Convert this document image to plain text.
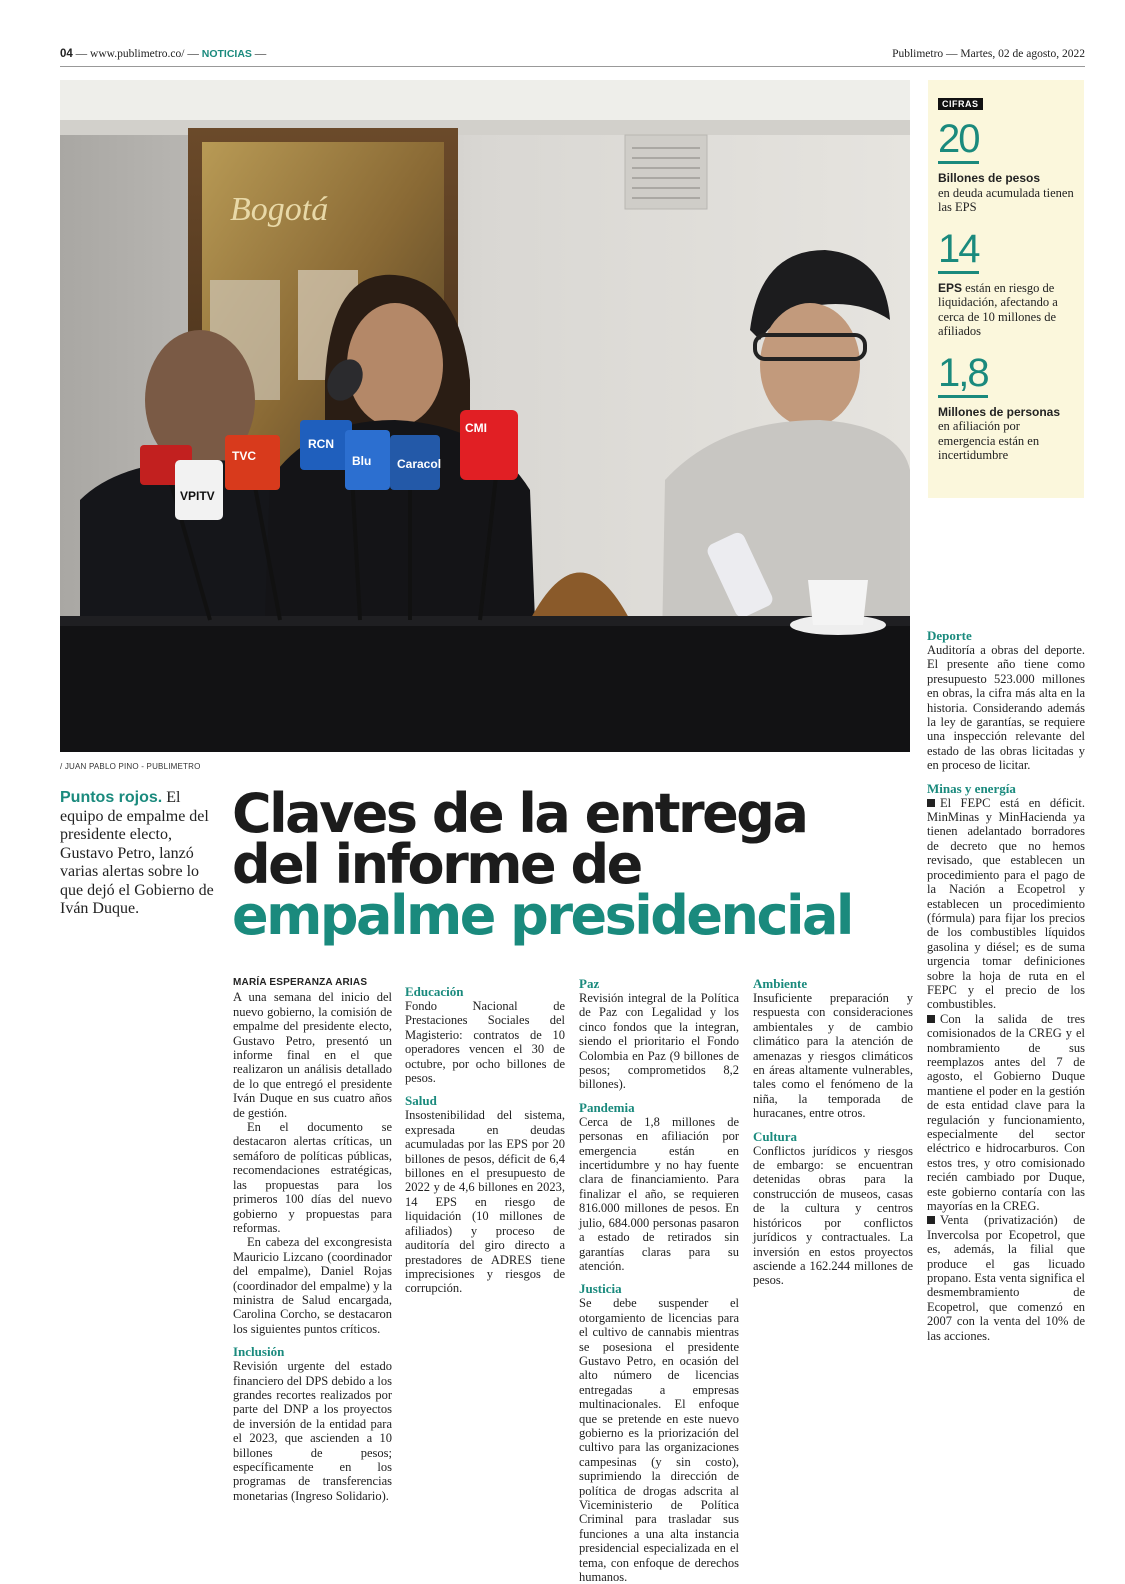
04 — www.publimetro.co/ — NOTICIAS —	Publimetro — Martes, 02 de agosto, 2022
Bogotá
CMI
TVC
VPITV
Blu Caracol
RCN
/ JUAN PABLO PINO - PUBLIMETRO
CIFRAS
20
Billones de pesos
en deuda acumulada tienen las EPS
14
EPS están en riesgo de liquidación, afectando a cerca de 10 millones de afiliados
1,8
Millones de personas
en afiliación por emergencia están en incertidumbre
Puntos rojos. El equipo de empalme del presidente electo, Gustavo Petro, lanzó varias alertas sobre lo que dejó el Gobierno de Iván Duque.
Claves de la entrega
del informe de
empalme presidencial

MARÍA ESPERANZA ARIAS

A una semana del inicio del nuevo gobierno, la comisión de empalme del presidente electo, Gustavo Petro, presentó un informe final en el que realizaron un análisis detallado de lo que entregó el presidente Iván Duque en sus cuatro años de gestión.

En el documento se destacaron alertas críticas, un semáforo de políticas públicas, recomendaciones estratégicas, las propuestas para los primeros 100 días del nuevo gobierno y propuestas para reformas.

En cabeza del excongresista Mauricio Lizcano (coordinador del empalme), Daniel Rojas (coordinador del empalme) y la ministra de Salud encargada, Carolina Corcho, se destacaron los siguientes puntos críticos.

Inclusión

Revisión urgente del estado financiero del DPS debido a los grandes recortes realizados por parte del DNP a los proyectos de inversión de la entidad para el 2023, que ascienden a 10 billones de pesos; específicamente en los programas de transferencias monetarias (Ingreso Solidario).

Educación

Fondo Nacional de Prestaciones Sociales del Magisterio: contratos de 10 operadores vencen el 30 de octubre, por ocho billones de pesos.

Salud

Insostenibilidad del sistema, expresada en deudas acumuladas por las EPS por 20 billones de pesos, déficit de 6,4 billones en el presupuesto de 2022 y de 4,6 billones en 2023, 14 EPS en riesgo de liquidación (10 millones de afiliados) y proceso de auditoría del giro directo a prestadores de ADRES tiene imprecisiones y riesgos de corrupción.

Paz

Revisión integral de la Política de Paz con Legalidad y los cinco fondos que la integran, siendo el prioritario el Fondo Colombia en Paz (9 billones de pesos; comprometidos 8,2 billones).

Pandemia

Cerca de 1,8 millones de personas en afiliación por emergencia están en incertidumbre y no hay fuente clara de financiamiento. Para finalizar el año, se requieren 816.000 millones de pesos. En julio, 684.000 personas pasaron a estado de retirados sin garantías claras para su atención.

Justicia

Se debe suspender el otorgamiento de licencias para el cultivo de cannabis mientras se posesiona el presidente Gustavo Petro, en ocasión del alto número de licencias entregadas a empresas multinacionales. El enfoque que se pretende en este nuevo gobierno es la priorización del cultivo para las organizaciones campesinas (y sin costo), suprimiendo la dirección de política de drogas adscrita al Viceministerio de Política Criminal para trasladar sus funciones a una alta instancia presidencial especializada en el tema, con enfoque de derechos humanos.

Ambiente

Insuficiente preparación y respuesta con consideraciones ambientales y de cambio climático para la atención de amenazas y riesgos climáticos en áreas altamente vulnerables, tales como el fenómeno de la niña, la temporada de huracanes, entre otros.

Cultura

Conflictos jurídicos y riesgos de embargo: se encuentran detenidas obras para la construcción de museos, casas de la cultura y centros históricos por conflictos jurídicos y contractuales. La inversión en estos proyectos asciende a 162.244 millones de pesos.

Deporte

Auditoría a obras del deporte. El presente año tiene como presupuesto 523.000 millones en obras, la cifra más alta en la historia. Considerando además la ley de garantías, se requiere una inspección relevante del estado de las obras licitadas y en proceso de licitar.

Minas y energía

El FEPC está en déficit. MinMinas y MinHacienda ya tienen adelantado borradores de decreto que no hemos revisado, que establecen un procedimiento para el pago de la Nación a Ecopetrol y establecen un procedimiento (fórmula) para fijar los precios de los combustibles líquidos gasolina y diésel; es de suma urgencia tomar definiciones sobre la hoja de ruta en el FEPC y el precio de los combustibles.

Con la salida de tres comisionados de la CREG y el nombramiento de sus reemplazos antes del 7 de agosto, el Gobierno Duque mantiene el poder en la gestión de esta entidad clave para la regulación y funcionamiento, especialmente del sector eléctrico e hidrocarburos. Con estos tres, y otro comisionado recién cambiado por Duque, este gobierno contaría con las mayorías en la CREG.

Venta (privatización) de Invercolsa por Ecopetrol, que es, además, la filial que produce el gas licuado propano. Esta venta significa el desmembramiento de Ecopetrol, que comenzó en 2007 con la venta del 10% de las acciones.
